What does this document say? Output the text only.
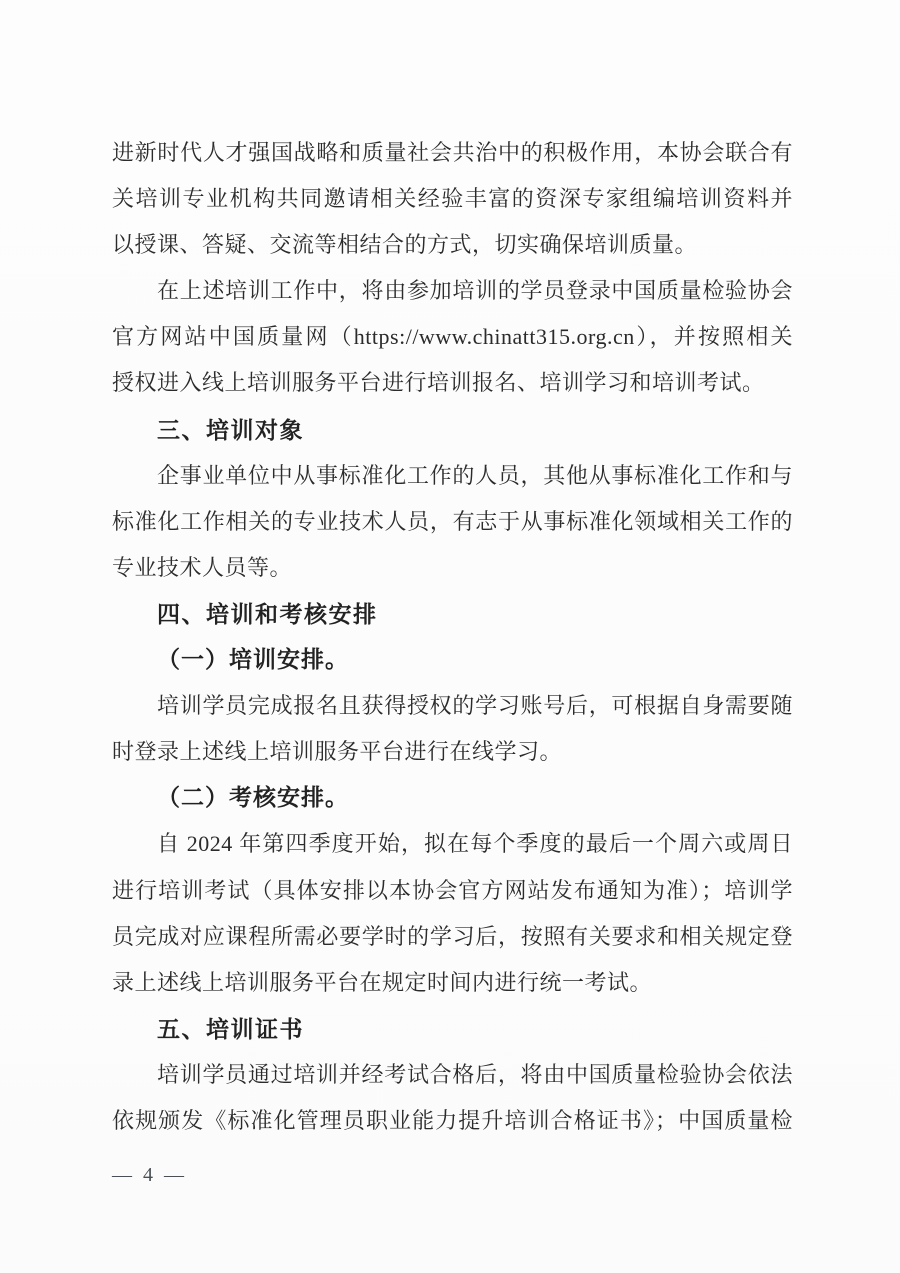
进新时代人才强国战略和质量社会共治中的积极作用，本协会联合有
关培训专业机构共同邀请相关经验丰富的资深专家组编培训资料并
以授课、答疑、交流等相结合的方式，切实确保培训质量。
在上述培训工作中，将由参加培训的学员登录中国质量检验协会
官方网站中国质量网（https://www.chinatt315.org.cn），并按照相关
授权进入线上培训服务平台进行培训报名、培训学习和培训考试。
三、培训对象
企事业单位中从事标准化工作的人员，其他从事标准化工作和与
标准化工作相关的专业技术人员，有志于从事标准化领域相关工作的
专业技术人员等。
四、培训和考核安排
（一）培训安排。
培训学员完成报名且获得授权的学习账号后，可根据自身需要随
时登录上述线上培训服务平台进行在线学习。
（二）考核安排。
自 2024 年第四季度开始，拟在每个季度的最后一个周六或周日
进行培训考试（具体安排以本协会官方网站发布通知为准）；培训学
员完成对应课程所需必要学时的学习后，按照有关要求和相关规定登
录上述线上培训服务平台在规定时间内进行统一考试。
五、培训证书
培训学员通过培训并经考试合格后，将由中国质量检验协会依法
依规颁发《标准化管理员职业能力提升培训合格证书》；中国质量检
— 4 —
